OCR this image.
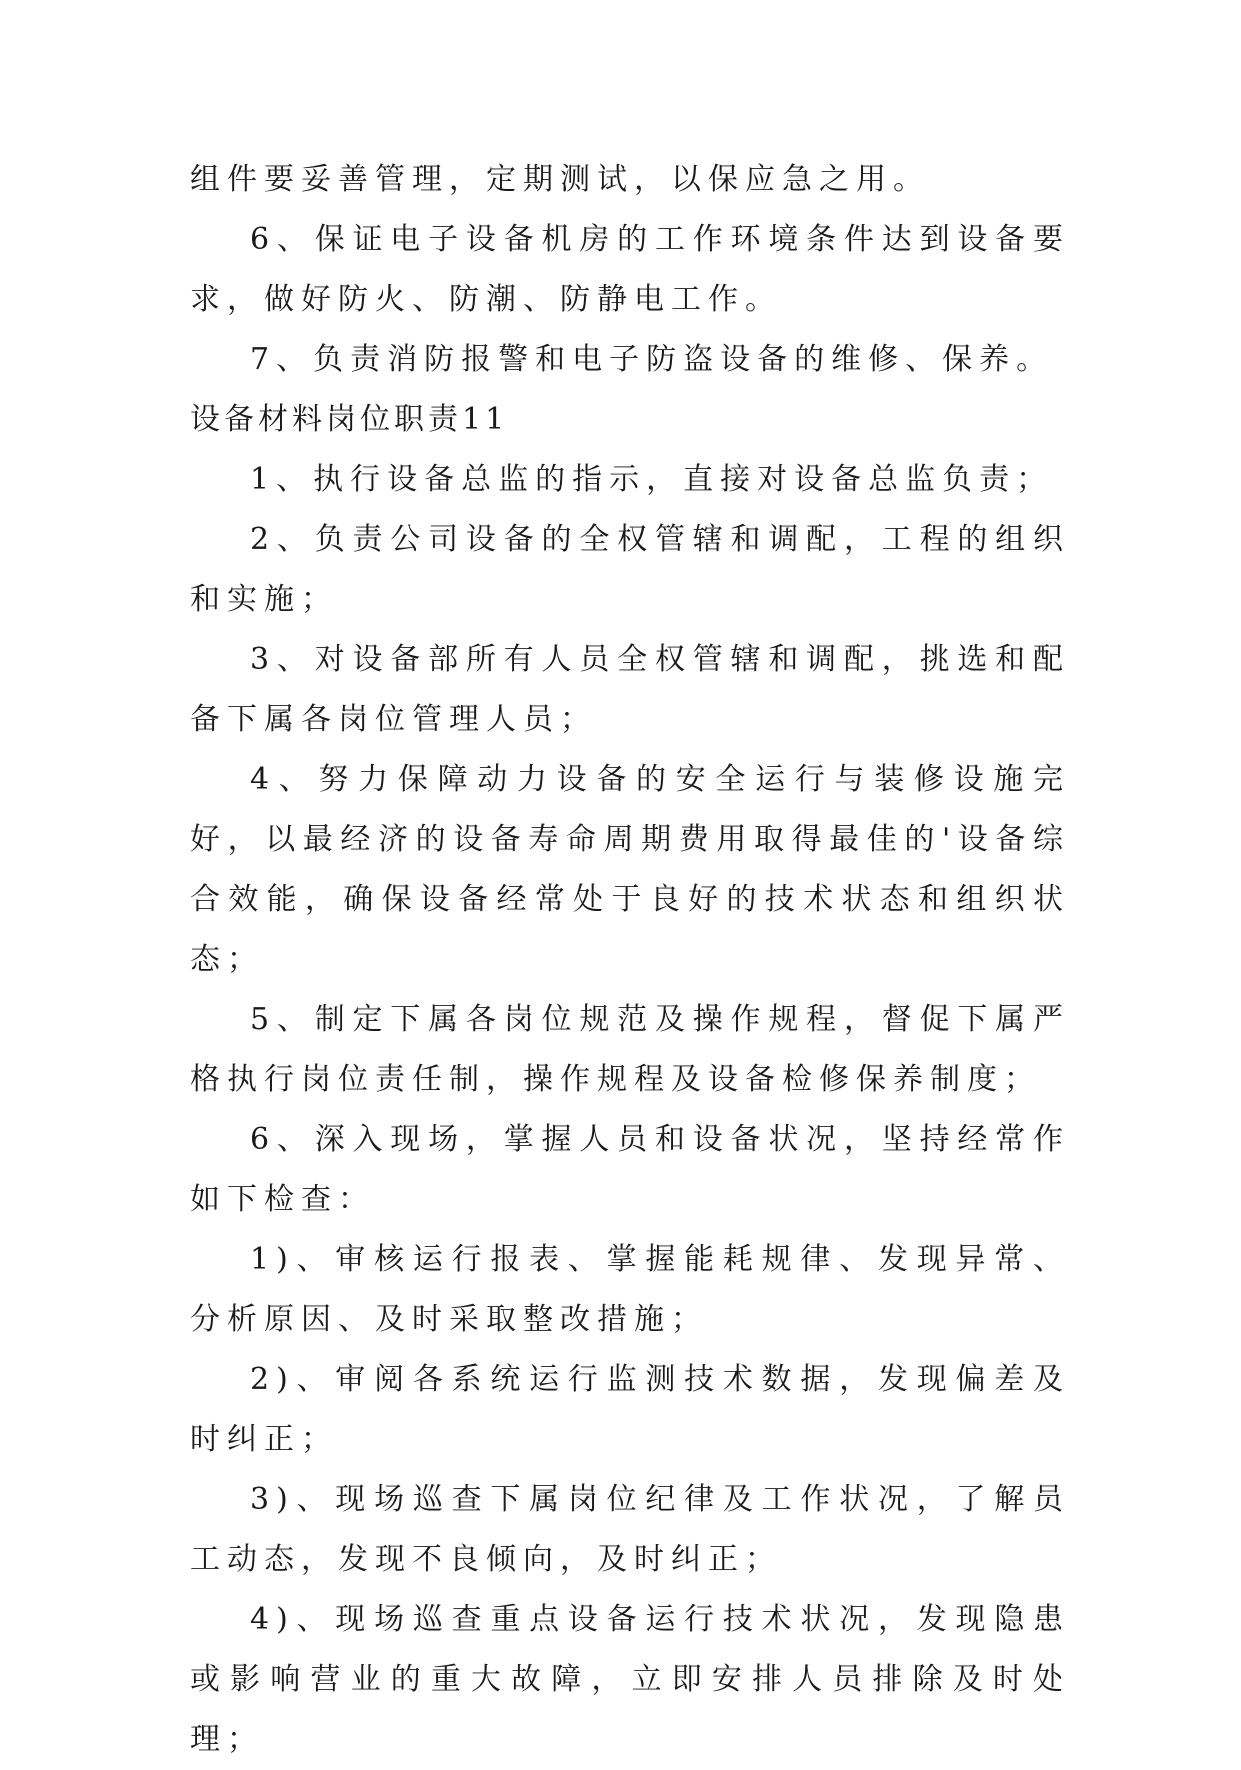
组件要妥善管理，定期测试，以保应急之用。

6、保证电子设备机房的工作环境条件达到设备要求，做好防火、防潮、防静电工作。

7、负责消防报警和电子防盗设备的维修、保养。

设备材料岗位职责11

1、执行设备总监的指示，直接对设备总监负责；

2、负责公司设备的全权管辖和调配，工程的组织和实施；

3、对设备部所有人员全权管辖和调配，挑选和配备下属各岗位管理人员；

4、努力保障动力设备的安全运行与装修设施完好，以最经济的设备寿命周期费用取得最佳的'设备综合效能，确保设备经常处于良好的技术状态和组织状态；

5、制定下属各岗位规范及操作规程，督促下属严格执行岗位责任制，操作规程及设备检修保养制度；

6、深入现场，掌握人员和设备状况，坚持经常作如下检查：

1)、审核运行报表、掌握能耗规律、发现异常、分析原因、及时采取整改措施；

2)、审阅各系统运行监测技术数据，发现偏差及时纠正；

3)、现场巡查下属岗位纪律及工作状况，了解员工动态，发现不良倾向，及时纠正；

4)、现场巡查重点设备运行技术状况，发现隐患或影响营业的重大故障，立即安排人员排除及时处理；
